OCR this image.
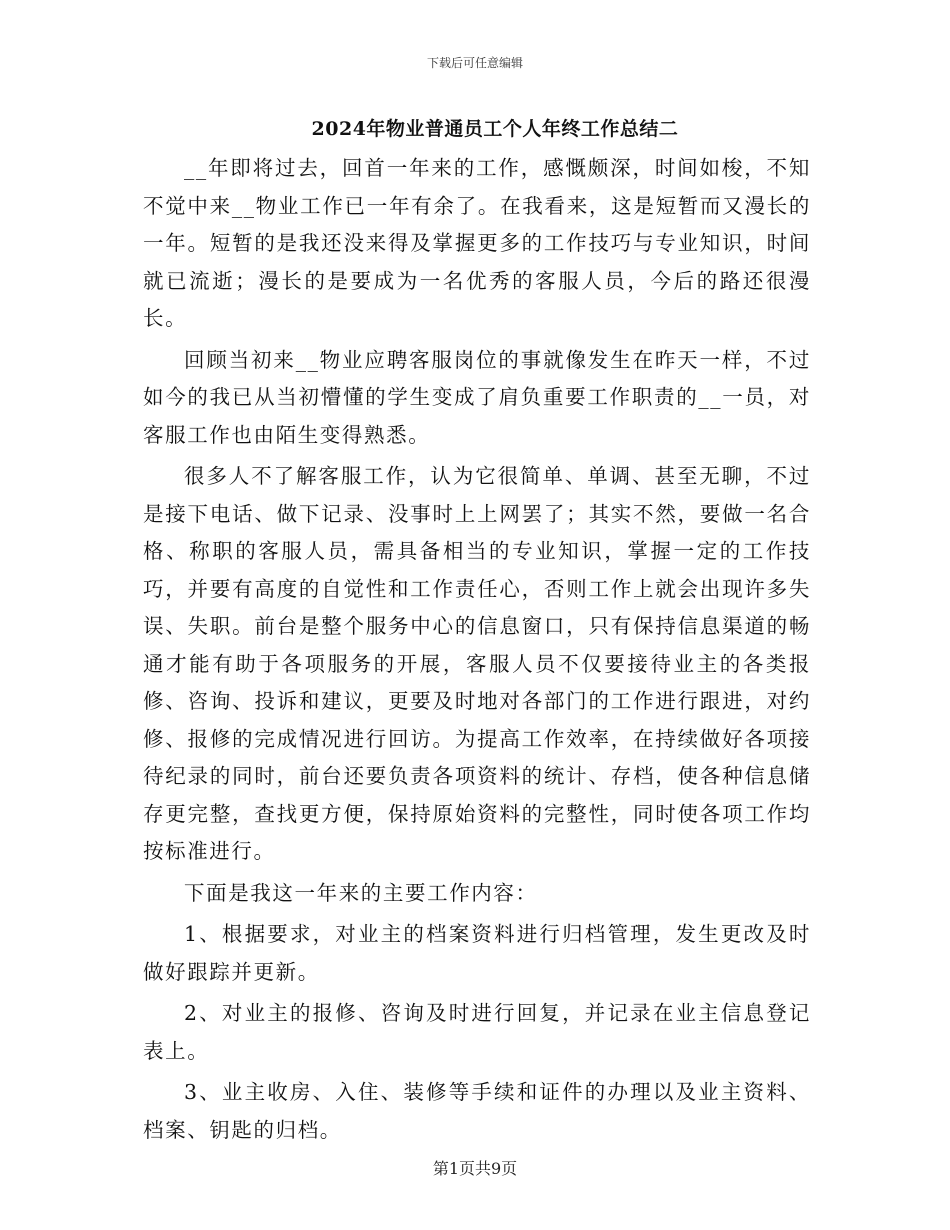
下载后可任意编辑
2024年物业普通员工个人年终工作总结二

__年即将过去，回首一年来的工作，感慨颇深，时间如梭，不知不觉中来__物业工作已一年有余了。在我看来，这是短暂而又漫长的一年。短暂的是我还没来得及掌握更多的工作技巧与专业知识，时间就已流逝；漫长的是要成为一名优秀的客服人员，今后的路还很漫长。

回顾当初来__物业应聘客服岗位的事就像发生在昨天一样，不过如今的我已从当初懵懂的学生变成了肩负重要工作职责的__一员，对客服工作也由陌生变得熟悉。

很多人不了解客服工作，认为它很简单、单调、甚至无聊，不过是接下电话、做下记录、没事时上上网罢了；其实不然，要做一名合格、称职的客服人员，需具备相当的专业知识，掌握一定的工作技巧，并要有高度的自觉性和工作责任心，否则工作上就会出现许多失误、失职。前台是整个服务中心的信息窗口，只有保持信息渠道的畅通才能有助于各项服务的开展，客服人员不仅要接待业主的各类报修、咨询、投诉和建议，更要及时地对各部门的工作进行跟进，对约修、报修的完成情况进行回访。为提高工作效率，在持续做好各项接待纪录的同时，前台还要负责各项资料的统计、存档，使各种信息储存更完整，查找更方便，保持原始资料的完整性，同时使各项工作均按标准进行。

下面是我这一年来的主要工作内容：

1、根据要求，对业主的档案资料进行归档管理，发生更改及时做好跟踪并更新。

2、对业主的报修、咨询及时进行回复，并记录在业主信息登记表上。

3、业主收房、入住、装修等手续和证件的办理以及业主资料、档案、钥匙的归档。

第1页共9页
